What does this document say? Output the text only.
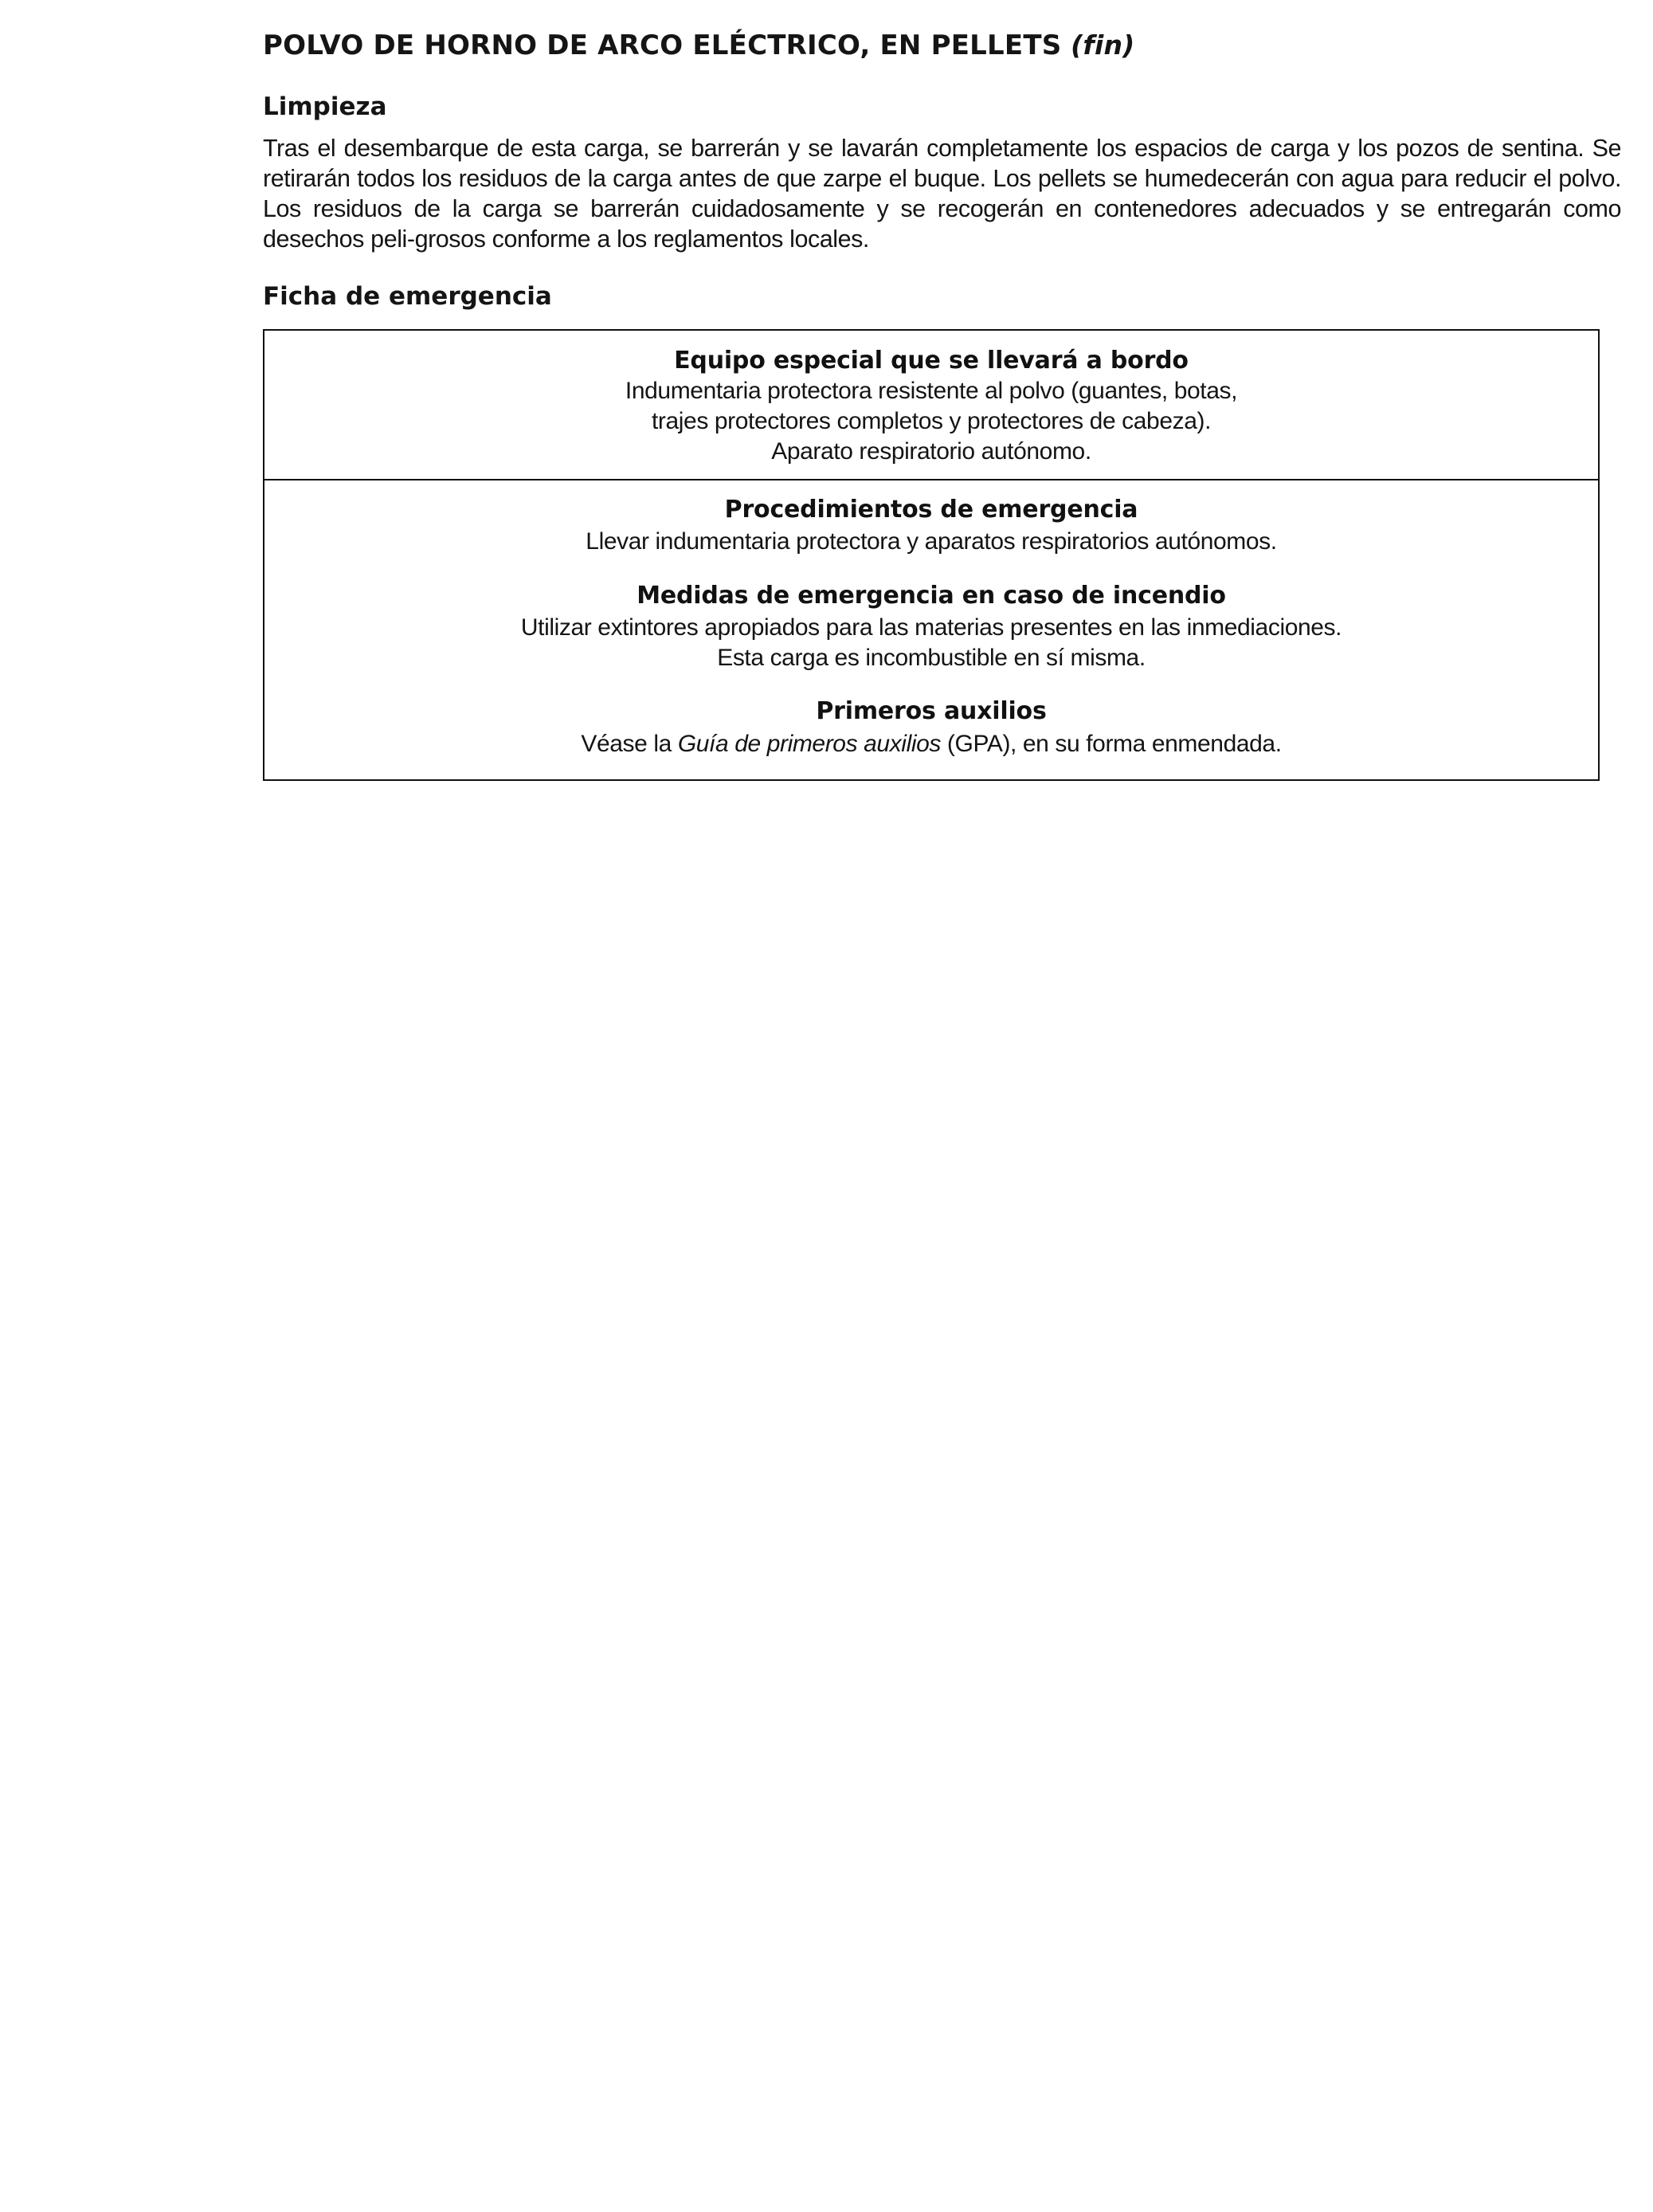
POLVO DE HORNO DE ARCO ELÉCTRICO, EN PELLETS (fin)
Limpieza

Tras el desembarque de esta carga, se barrerán y se lavarán completamente los espacios de carga y los pozos de sentina. Se retirarán todos los residuos de la carga antes de que zarpe el buque. Los pellets se humedecerán con agua para reducir el polvo. Los residuos de la carga se barrerán cuidadosamente y se recogerán en contenedores adecuados y se entregarán como desechos peli-grosos conforme a los reglamentos locales.

Ficha de emergencia
Equipo especial que se llevará a bordo
Indumentaria protectora resistente al polvo (guantes, botas,
trajes protectores completos y protectores de cabeza).
Aparato respiratorio autónomo.
Procedimientos de emergencia
Llevar indumentaria protectora y aparatos respiratorios autónomos.
Medidas de emergencia en caso de incendio
Utilizar extintores apropiados para las materias presentes en las inmediaciones.
Esta carga es incombustible en sí misma.
Primeros auxilios
Véase la Guía de primeros auxilios (GPA), en su forma enmendada.
